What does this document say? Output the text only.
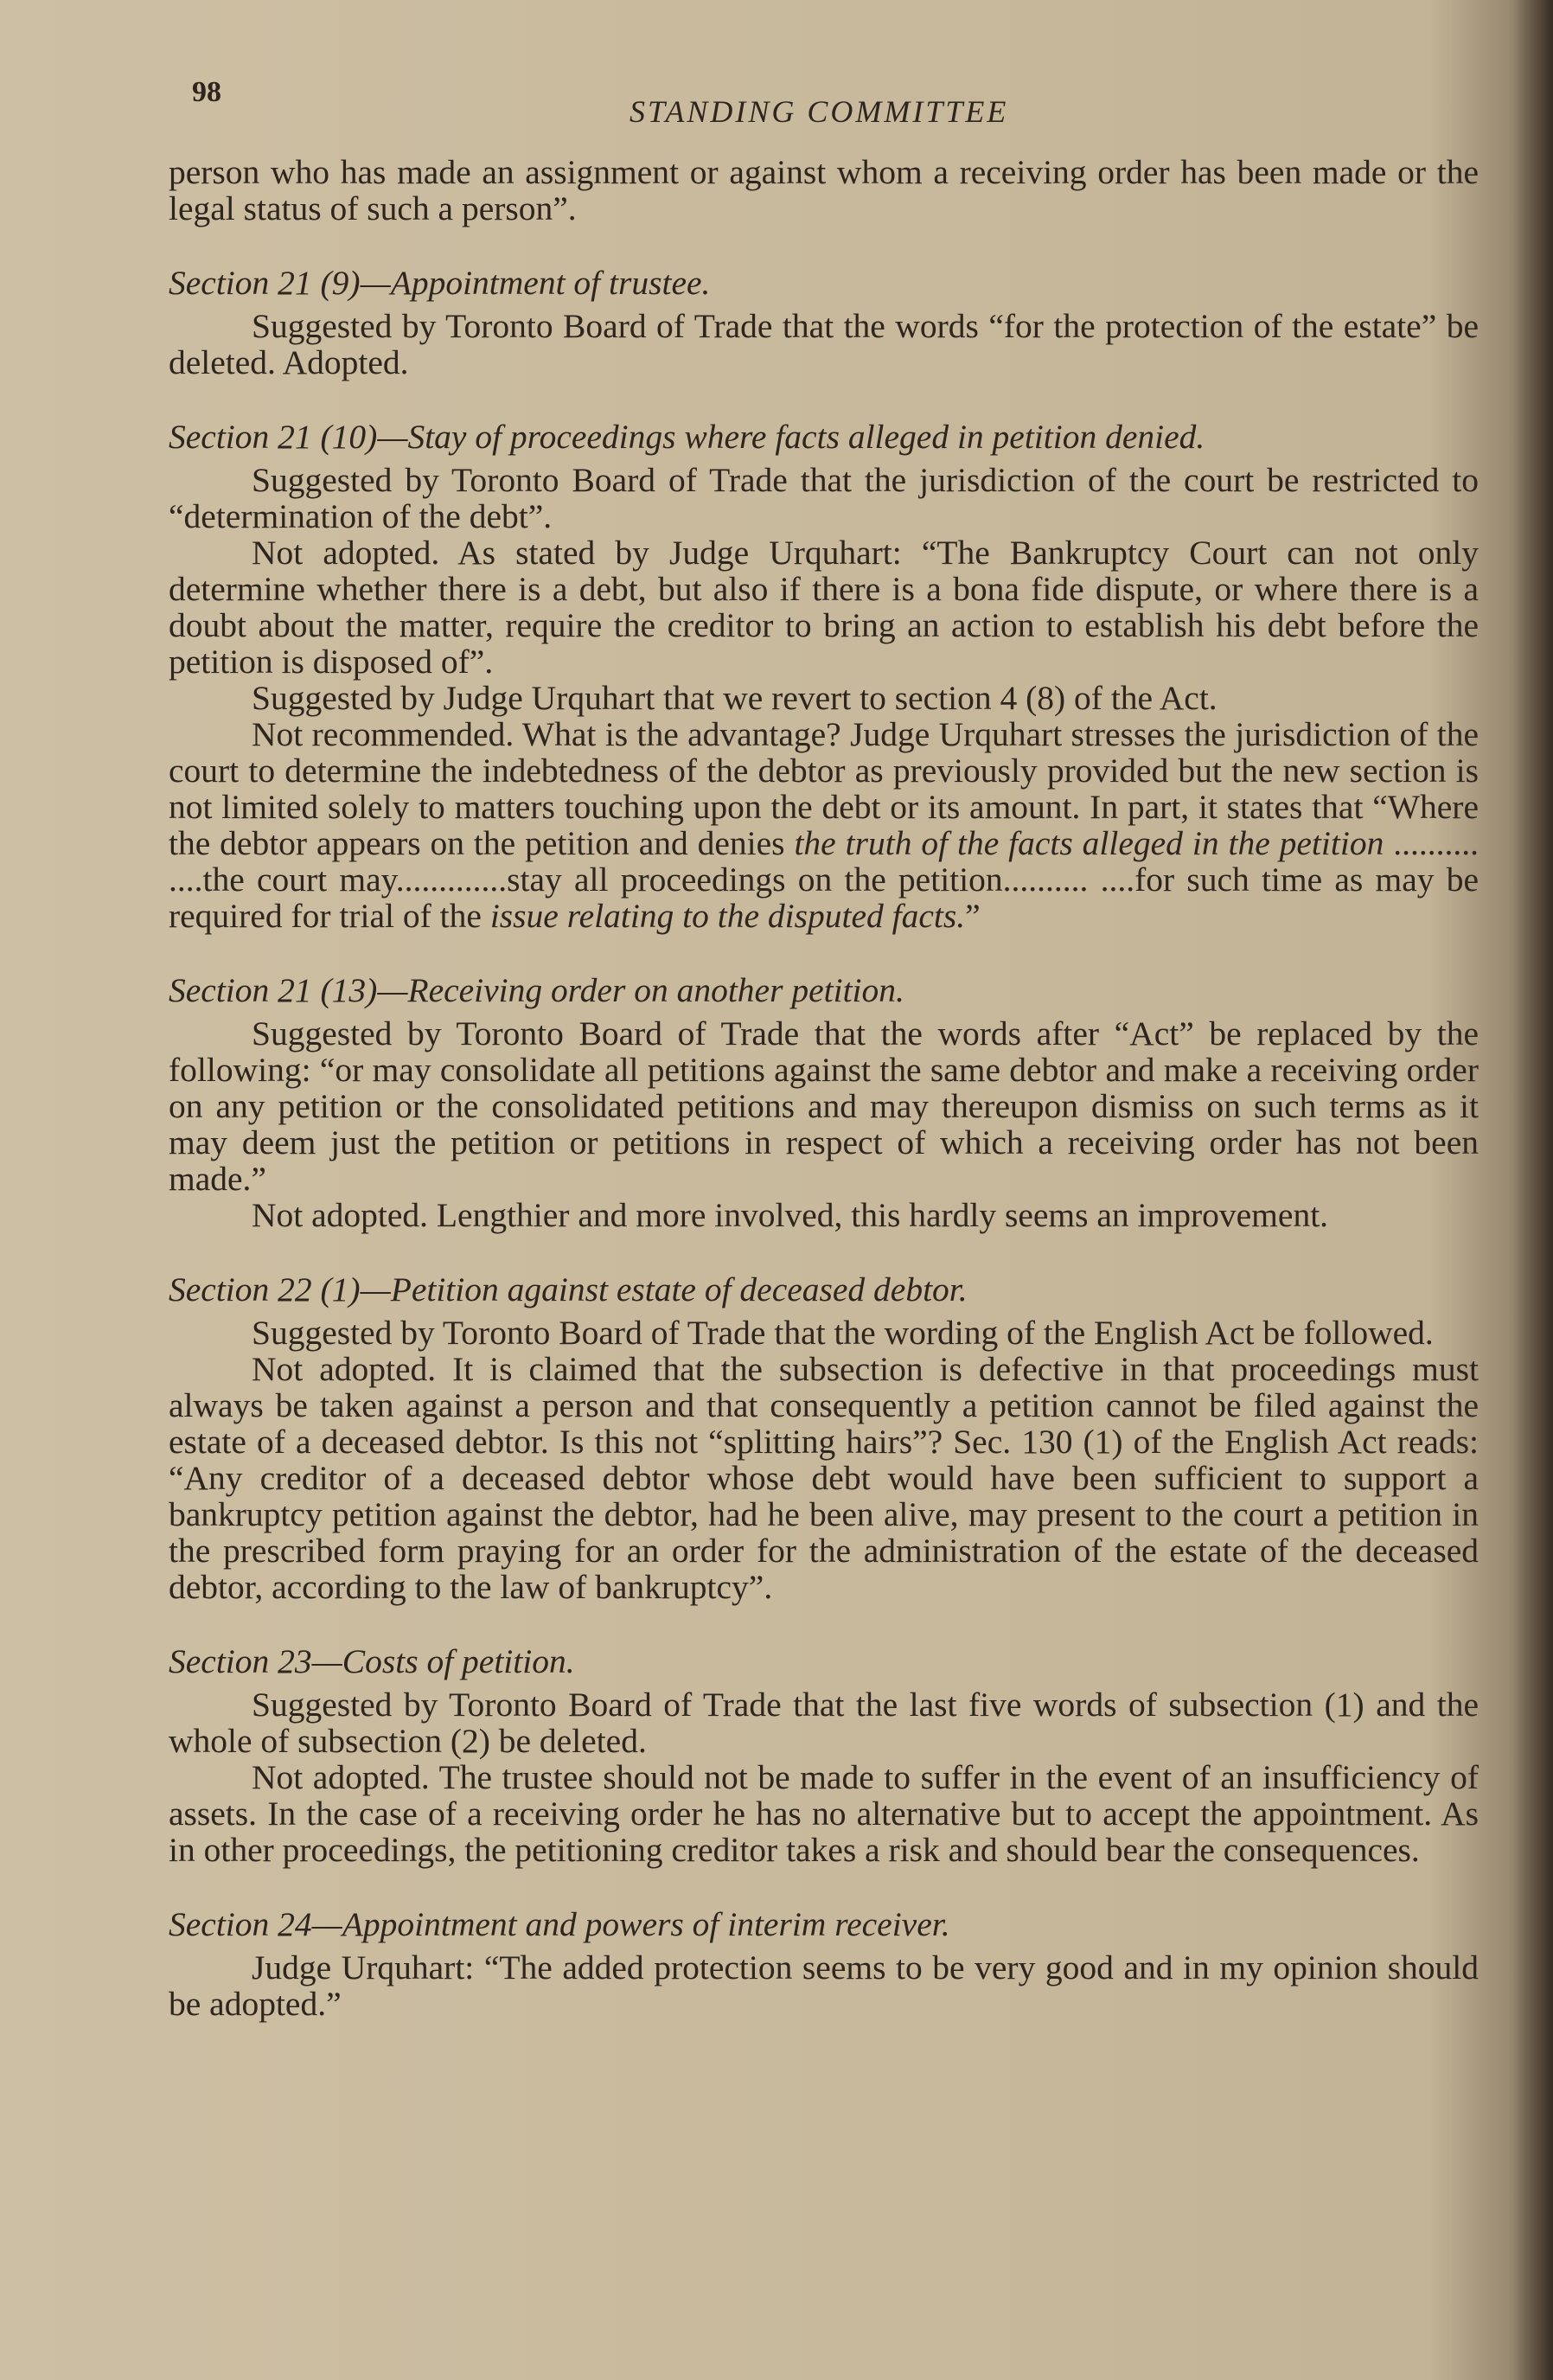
98
STANDING COMMITTEE

person who has made an assignment or against whom a receiving order has been made or the legal status of such a person”.

Section 21 (9)—Appointment of trustee.

Suggested by Toronto Board of Trade that the words “for the protection of the estate” be deleted. Adopted.

Section 21 (10)—Stay of proceedings where facts alleged in petition denied.

Suggested by Toronto Board of Trade that the jurisdiction of the court be restricted to “determination of the debt”.

Not adopted. As stated by Judge Urquhart: “The Bankruptcy Court can not only determine whether there is a debt, but also if there is a bona fide dispute, or where there is a doubt about the matter, require the creditor to bring an action to establish his debt before the petition is disposed of”.

Suggested by Judge Urquhart that we revert to section 4 (8) of the Act.

Not recommended. What is the advantage? Judge Urquhart stresses the jurisdiction of the court to determine the indebtedness of the debtor as previously provided but the new section is not limited solely to matters touching upon the debt or its amount. In part, it states that “Where the debtor appears on the petition and denies the truth of the facts alleged in the petition .......... ....the court may.............stay all proceedings on the petition.......... ....for such time as may be required for trial of the issue relating to the disputed facts.”

Section 21 (13)—Receiving order on another petition.

Suggested by Toronto Board of Trade that the words after “Act” be replaced by the following: “or may consolidate all petitions against the same debtor and make a receiving order on any petition or the consolidated petitions and may thereupon dismiss on such terms as it may deem just the petition or petitions in respect of which a receiving order has not been made.”

Not adopted. Lengthier and more involved, this hardly seems an improvement.

Section 22 (1)—Petition against estate of deceased debtor.

Suggested by Toronto Board of Trade that the wording of the English Act be followed.

Not adopted. It is claimed that the subsection is defective in that proceedings must always be taken against a person and that consequently a petition cannot be filed against the estate of a deceased debtor. Is this not “splitting hairs”? Sec. 130 (1) of the English Act reads: “Any creditor of a deceased debtor whose debt would have been sufficient to support a bankruptcy petition against the debtor, had he been alive, may present to the court a petition in the prescribed form praying for an order for the administration of the estate of the deceased debtor, according to the law of bankruptcy”.

Section 23—Costs of petition.

Suggested by Toronto Board of Trade that the last five words of subsection (1) and the whole of subsection (2) be deleted.

Not adopted. The trustee should not be made to suffer in the event of an insufficiency of assets. In the case of a receiving order he has no alternative but to accept the appointment. As in other proceedings, the petitioning creditor takes a risk and should bear the consequences.

Section 24—Appointment and powers of interim receiver.

Judge Urquhart: “The added protection seems to be very good and in my opinion should be adopted.”
